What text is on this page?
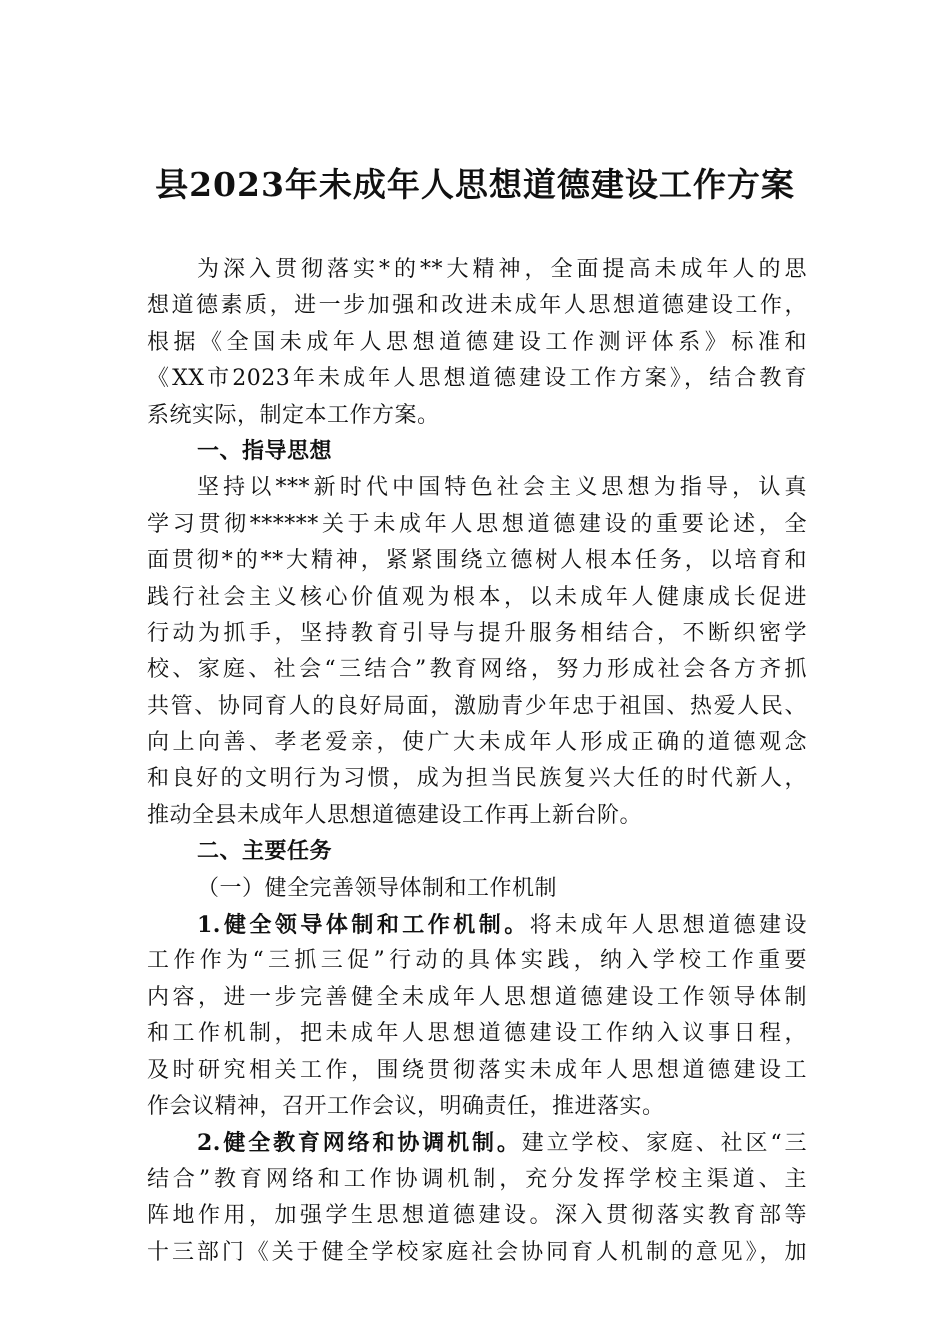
县2023年未成年人思想道德建设工作方案
为深入贯彻落实*的**大精神，全面提高未成年人的思
想道德素质，进一步加强和改进未成年人思想道德建设工作，
根据《全国未成年人思想道德建设工作测评体系》标准和
《XX市2023年未成年人思想道德建设工作方案》，结合教育
系统实际，制定本工作方案。
一、指导思想
坚持以***新时代中国特色社会主义思想为指导，认真
学习贯彻******关于未成年人思想道德建设的重要论述，全
面贯彻*的**大精神，紧紧围绕立德树人根本任务，以培育和
践行社会主义核心价值观为根本，以未成年人健康成长促进
行动为抓手，坚持教育引导与提升服务相结合，不断织密学
校、家庭、社会“三结合”教育网络，努力形成社会各方齐抓
共管、协同育人的良好局面，激励青少年忠于祖国、热爱人民、
向上向善、孝老爱亲，使广大未成年人形成正确的道德观念
和良好的文明行为习惯，成为担当民族复兴大任的时代新人，
推动全县未成年人思想道德建设工作再上新台阶。
二、主要任务
（一）健全完善领导体制和工作机制
1.健全领导体制和工作机制。将未成年人思想道德建设
工作作为“三抓三促”行动的具体实践，纳入学校工作重要
内容，进一步完善健全未成年人思想道德建设工作领导体制
和工作机制，把未成年人思想道德建设工作纳入议事日程，
及时研究相关工作，围绕贯彻落实未成年人思想道德建设工
作会议精神，召开工作会议，明确责任，推进落实。
2.健全教育网络和协调机制。建立学校、家庭、社区“三
结合”教育网络和工作协调机制，充分发挥学校主渠道、主
阵地作用，加强学生思想道德建设。深入贯彻落实教育部等
十三部门《关于健全学校家庭社会协同育人机制的意见》，加
